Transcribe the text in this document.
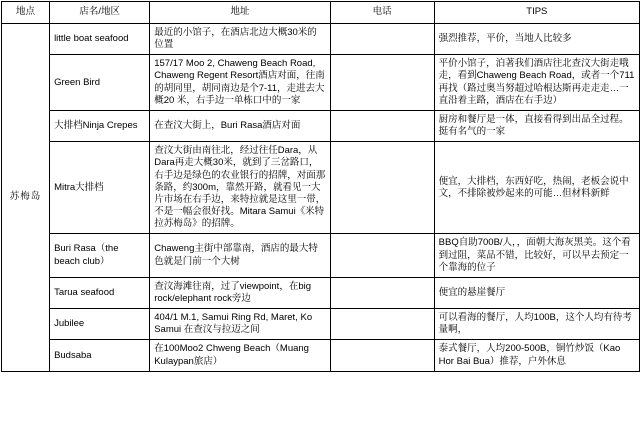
地点	店名/地区	地址	电话	TIPS
苏梅岛	little boat seafood	最近的小馆子，在酒店北边大概30米的位置		强烈推荐，平价，当地人比较多
	Green Bird	157/17 Moo 2, Chaweng Beach Road, Chaweng Regent Resort酒店对面，往南的胡同里，胡同南边是个7-11，走进去大概20 米，右手边一单栋口中的一家		平价小馆子，泊著我们酒店往北查汶大街走哦走，看到Chaweng Beach Road，或者一个711再找（路过奥当努超过哈根达斯再走走走…一直沿着主路，酒店在右手边）
	大排档Ninja Crepes	在查汶大街上，Buri Rasa酒店对面		厨房和餐厅是一体，直接看得到出品全过程。挺有名气的一家
	Mitra大排档	查汶大街由南往北，经过往任Dara，从Dara再走大概30米，就到了三岔路口，右手边是绿色的农业银行的招牌，对面那条路，约300m，靠然开路，就看见一大片市场在右手边，来特拉就是这里一带，不是一幅会很好找。Mitara Samui《米特拉苏梅岛》的招牌。		便宜，大排档，东西好吃，热闹，老板会说中文，不排除被炒起来的可能…但材料新鲜
	Buri Rasa（the beach club）	Chaweng主街中部靠南，酒店的最大特色就是门前一个大树		BBQ自助700B/人，，面朝大海灰黑美。这个看到过阻，菜品不错，比较好，可以早去预定一个靠海的位子
	Tarua seafood	查汶海滩往南，过了viewpoint，在big rock/elephant rock旁边		便宜的悬崖餐厅
	Jubilee	404/1 M.1, Samui Ring Rd, Maret, Ko Samui 在查汶与拉迈之间		可以看海的餐厅，人均100B，这个人均有待考量啊，
	Budsaba	在100Moo2 Chweng Beach（Muang Kulaypan旅店）		泰式餐厅，人均200-500B，铜竹炒饭（Kao Hor Bai Bua）推荐，户外休息
